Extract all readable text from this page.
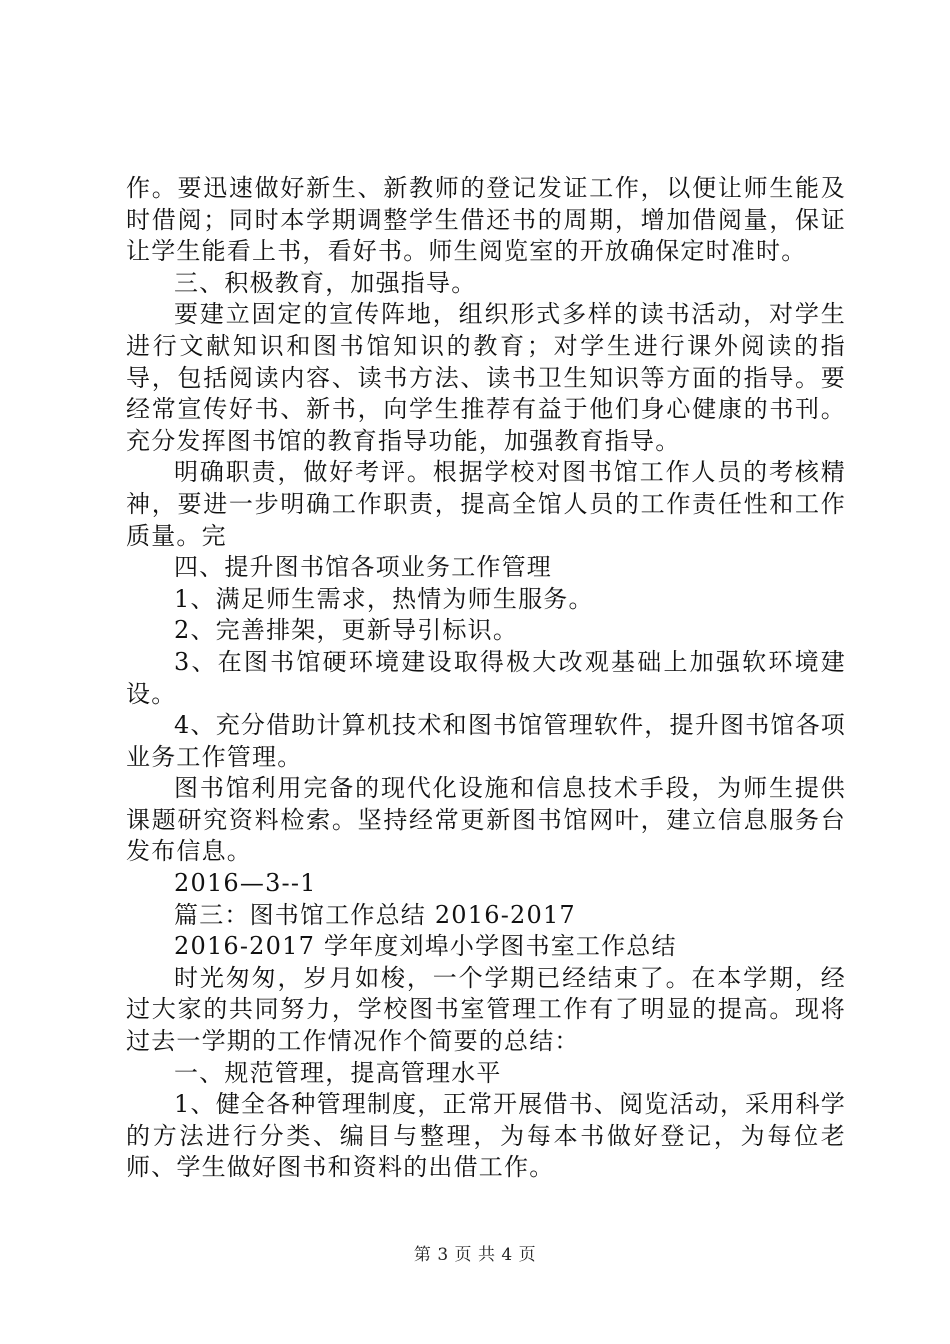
作。要迅速做好新生、新教师的登记发证工作，以便让师生能及时借阅；同时本学期调整学生借还书的周期，增加借阅量，保证让学生能看上书，看好书。师生阅览室的开放确保定时准时。

三、积极教育，加强指导。

要建立固定的宣传阵地，组织形式多样的读书活动，对学生进行文献知识和图书馆知识的教育；对学生进行课外阅读的指导，包括阅读内容、读书方法、读书卫生知识等方面的指导。要经常宣传好书、新书，向学生推荐有益于他们身心健康的书刊。充分发挥图书馆的教育指导功能，加强教育指导。

明确职责，做好考评。根据学校对图书馆工作人员的考核精神，要进一步明确工作职责，提高全馆人员的工作责任性和工作质量。完

四、提升图书馆各项业务工作管理

1、满足师生需求，热情为师生服务。

2、完善排架，更新导引标识。

3、在图书馆硬环境建设取得极大改观基础上加强软环境建设。

4、充分借助计算机技术和图书馆管理软件，提升图书馆各项业务工作管理。

图书馆利用完备的现代化设施和信息技术手段，为师生提供课题研究资料检索。坚持经常更新图书馆网叶，建立信息服务台发布信息。

2016—3--1

篇三：图书馆工作总结 2016-2017

2016-2017 学年度刘埠小学图书室工作总结

时光匆匆，岁月如梭，一个学期已经结束了。在本学期，经过大家的共同努力，学校图书室管理工作有了明显的提高。现将过去一学期的工作情况作个简要的总结：

一、规范管理，提高管理水平

1、健全各种管理制度，正常开展借书、阅览活动，采用科学的方法进行分类、编目与整理，为每本书做好登记，为每位老师、学生做好图书和资料的出借工作。

第 3 页 共 4 页
